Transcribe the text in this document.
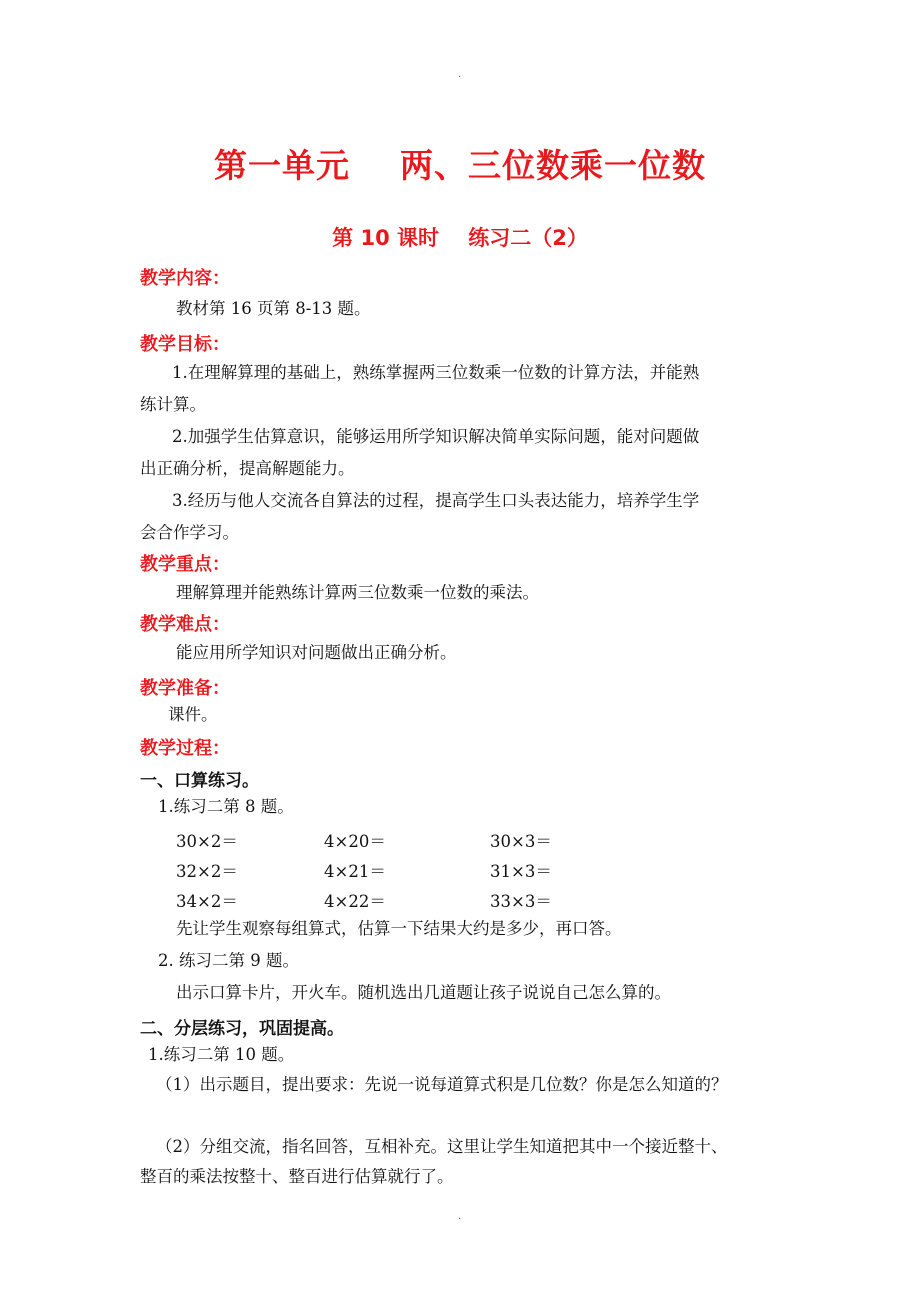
.
第一单元    两、三位数乘一位数
第 10 课时    练习二（2）
教学内容：
教材第 16 页第 8-13 题。
教学目标：
1.在理解算理的基础上，熟练掌握两三位数乘一位数的计算方法，并能熟
练计算。
2.加强学生估算意识，能够运用所学知识解决简单实际问题，能对问题做
出正确分析，提高解题能力。
3.经历与他人交流各自算法的过程，提高学生口头表达能力，培养学生学
会合作学习。
教学重点：
理解算理并能熟练计算两三位数乘一位数的乘法。
教学难点：
能应用所学知识对问题做出正确分析。
教学准备：
课件。
教学过程：
一、口算练习。
1.练习二第 8 题。
30×2＝	4×20＝	30×3＝
32×2＝	4×21＝	31×3＝
34×2＝	4×22＝	33×3＝
先让学生观察每组算式，估算一下结果大约是多少，再口答。
2. 练习二第 9 题。
出示口算卡片，开火车。随机选出几道题让孩子说说自己怎么算的。
二、分层练习，巩固提高。
1.练习二第 10 题。
（1）出示题目，提出要求：先说一说每道算式积是几位数？你是怎么知道的？
（2）分组交流，指名回答，互相补充。这里让学生知道把其中一个接近整十、
整百的乘法按整十、整百进行估算就行了。
.
